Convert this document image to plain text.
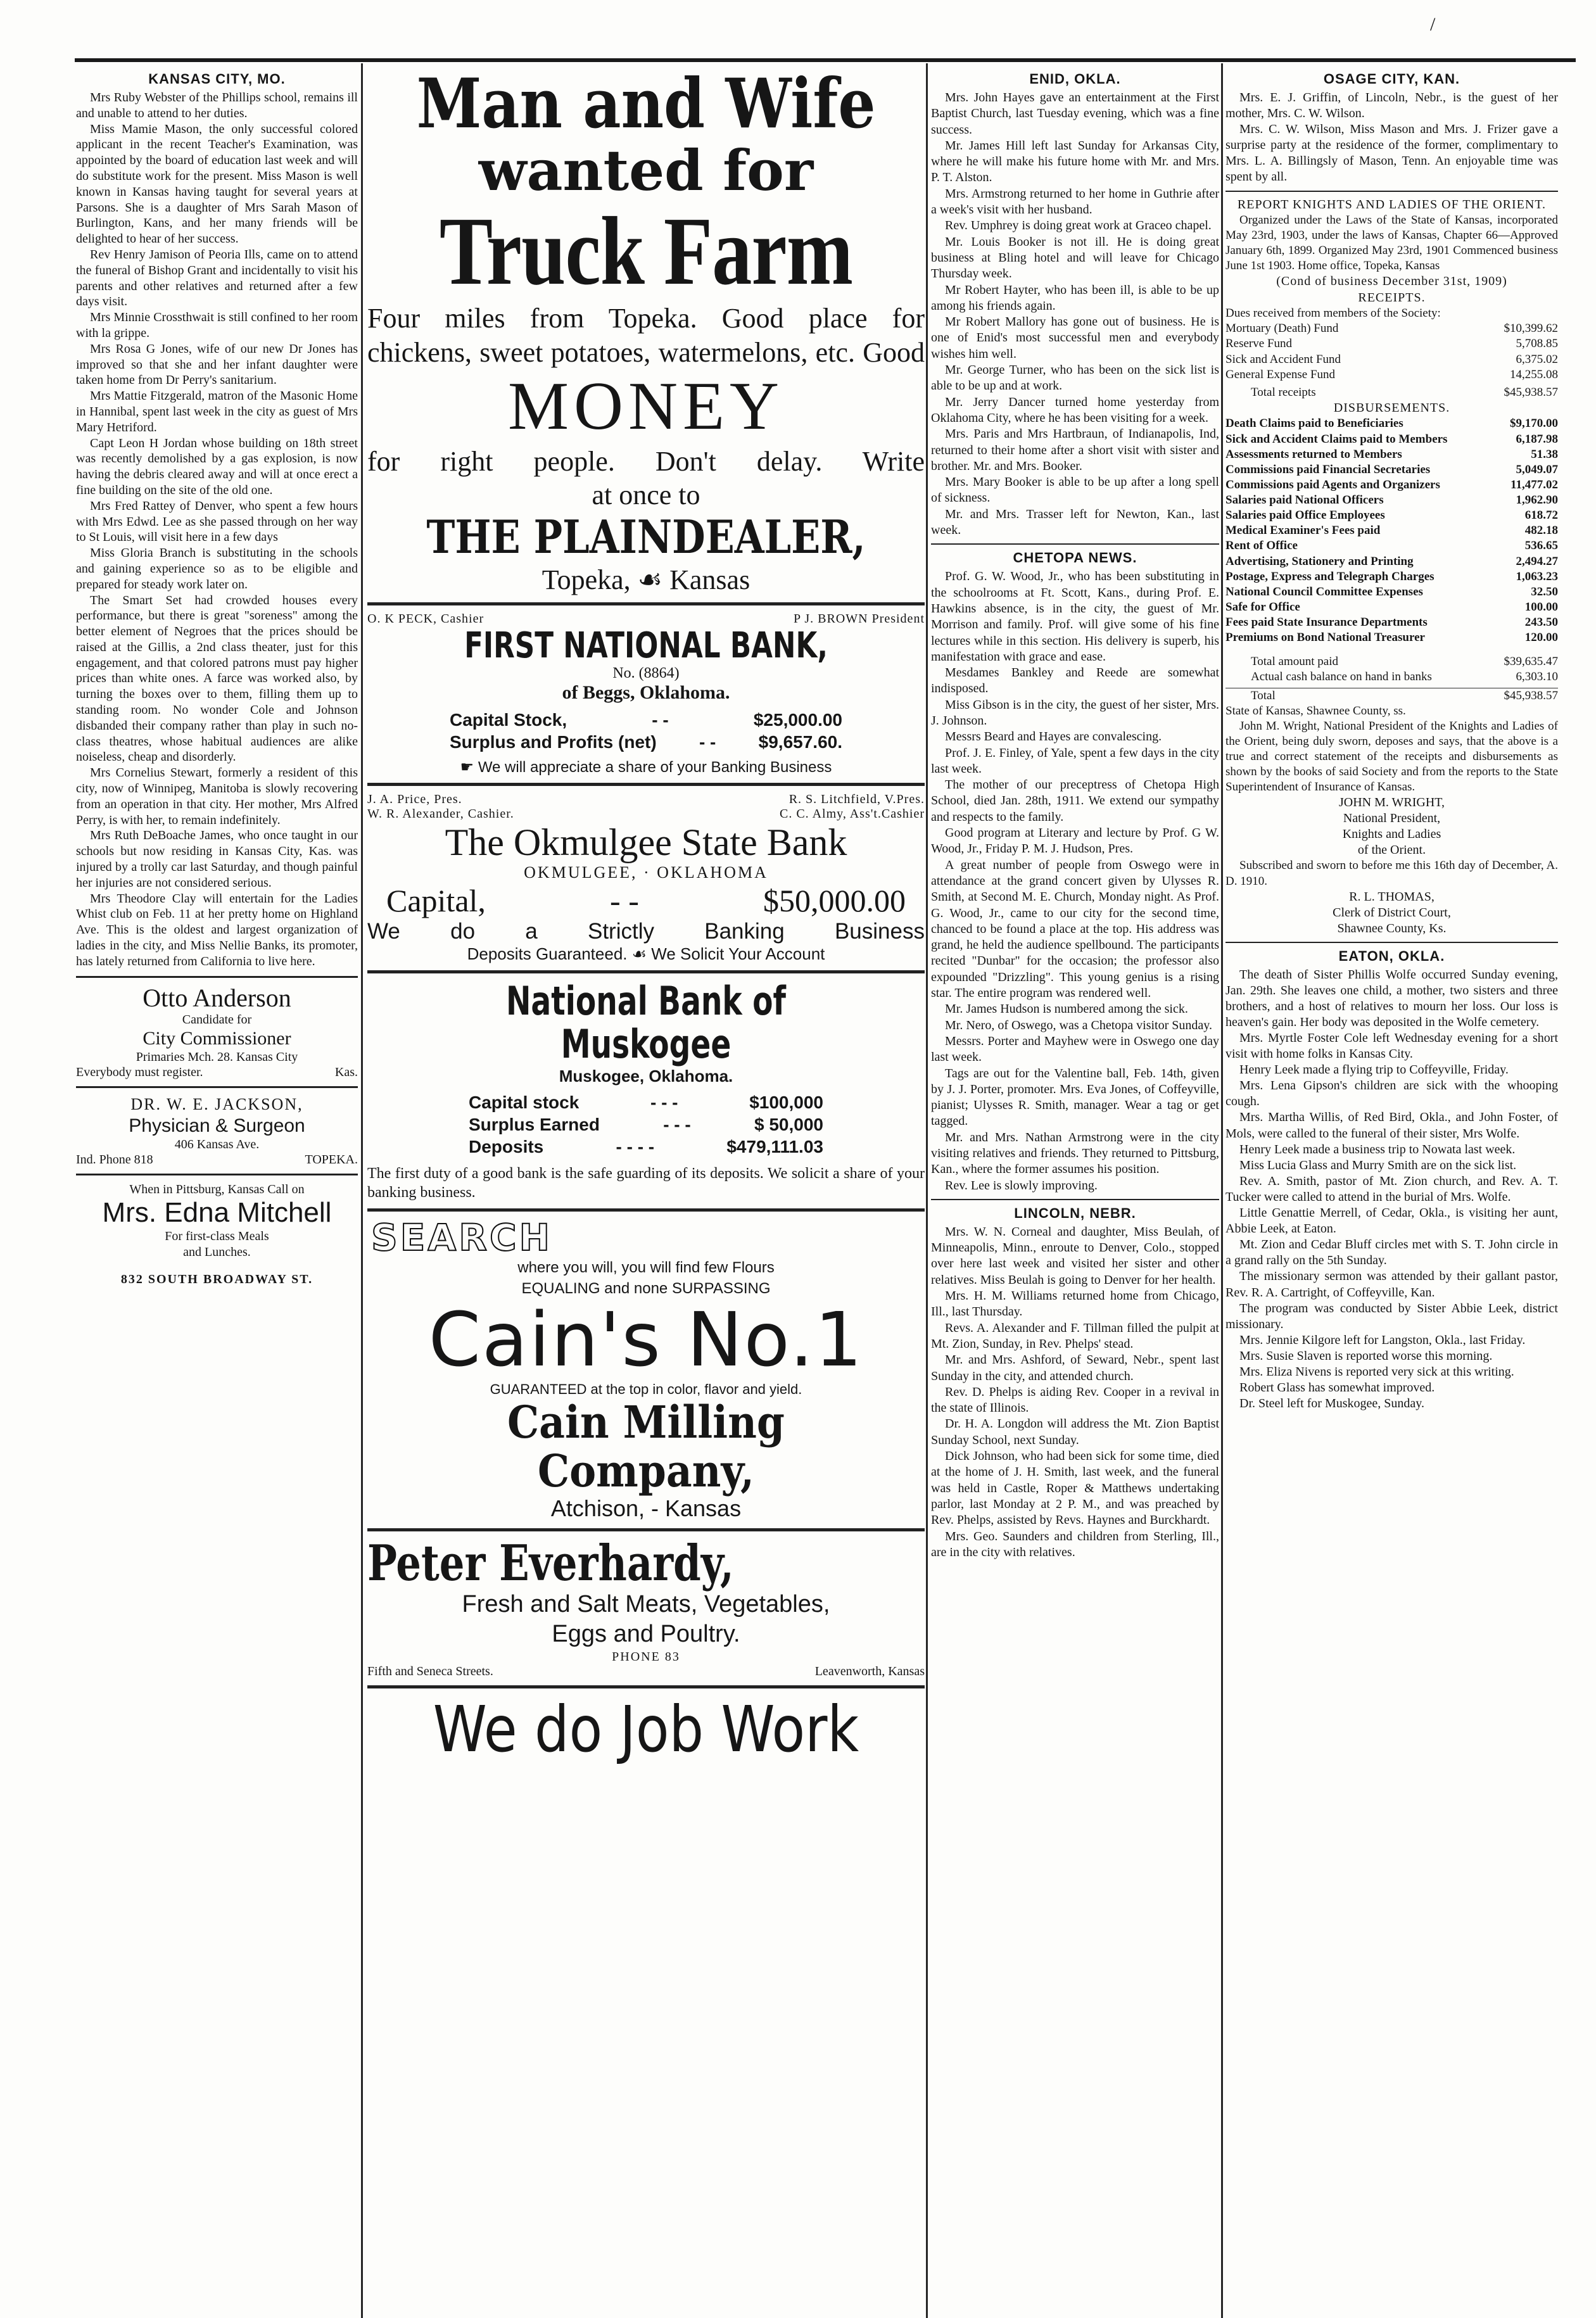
/
KANSAS CITY, MO.

Mrs Ruby Webster of the Phillips school, remains ill and unable to attend to her duties.

Miss Mamie Mason, the only successful colored applicant in the recent Teacher's Examination, was appointed by the board of education last week and will do substitute work for the present. Miss Mason is well known in Kansas having taught for several years at Parsons. She is a daughter of Mrs Sarah Mason of Burlington, Kans, and her many friends will be delighted to hear of her success.

Rev Henry Jamison of Peoria Ills, came on to attend the funeral of Bishop Grant and incidentally to visit his parents and other relatives and returned after a few days visit.

Mrs Minnie Crossthwait is still confined to her room with la grippe.

Mrs Rosa G Jones, wife of our new Dr Jones has improved so that she and her infant daughter were taken home from Dr Perry's sanitarium.

Mrs Mattie Fitzgerald, matron of the Masonic Home in Hannibal, spent last week in the city as guest of Mrs Mary Hetriford.

Capt Leon H Jordan whose building on 18th street was recently demolished by a gas explosion, is now having the debris cleared away and will at once erect a fine building on the site of the old one.

Mrs Fred Rattey of Denver, who spent a few hours with Mrs Edwd. Lee as she passed through on her way to St Louis, will visit here in a few days

Miss Gloria Branch is substituting in the schools and gaining experience so as to be eligible and prepared for steady work later on.

The Smart Set had crowded houses every performance, but there is great "soreness" among the better element of Negroes that the prices should be raised at the Gillis, a 2nd class theater, just for this engagement, and that colored patrons must pay higher prices than white ones. A farce was worked also, by turning the boxes over to them, filling them up to standing room. No wonder Cole and Johnson disbanded their company rather than play in such no-class theatres, whose habitual audiences are alike noiseless, cheap and disorderly.

Mrs Cornelius Stewart, formerly a resident of this city, now of Winnipeg, Manitoba is slowly recovering from an operation in that city. Her mother, Mrs Alfred Perry, is with her, to remain indefinitely.

Mrs Ruth DeBoache James, who once taught in our schools but now residing in Kansas City, Kas. was injured by a trolly car last Saturday, and though painful her injuries are not considered serious.

Mrs Theodore Clay will entertain for the Ladies Whist club on Feb. 11 at her pretty home on Highland Ave. This is the oldest and largest organization of ladies in the city, and Miss Nellie Banks, its promoter, has lately returned from California to live here.

Otto Anderson
Candidate for
City Commissioner
Primaries Mch. 28. Kansas City
Everybody must register.	Kas.
DR. W. E. JACKSON,
Physician & Surgeon
406 Kansas Ave.
Ind. Phone 818	TOPEKA.
When in Pittsburg, Kansas Call on
Mrs. Edna Mitchell
For first-class Meals
and Lunches.
832 SOUTH BROADWAY ST.
Man and Wife
wanted for
Truck Farm
Four miles from Topeka. Good place for chickens, sweet potatoes, watermelons, etc. Good
MONEY
for right people. Don't delay. Write
at once to
THE PLAINDEALER,
Topeka, ☙ Kansas
O. K PECK, Cashier	P J. BROWN President
FIRST NATIONAL BANK,
No. (8864)
of Beggs, Oklahoma.
Capital Stock,	- -	$25,000.00
Surplus and Profits (net) - - $9,657.60.
☛ We will appreciate a share of your Banking Business
J. A. Price, Pres.	R. S. Litchfield, V.Pres.
W. R. Alexander, Cashier.	C. C. Almy, Ass't.Cashier
The Okmulgee State Bank
OKMULGEE, · OKLAHOMA
Capital,	- -	$50,000.00
We do a Strictly Banking Business
Deposits Guaranteed. ☙ We Solicit Your Account
National Bank of Muskogee
Muskogee, Oklahoma.
Capital stock	- - -	$100,000
Surplus Earned	- - -	$ 50,000
Deposits	- - - -	$479,111.03
The first duty of a good bank is the safe guarding of its deposits. We solicit a share of your banking business.
SEARCH
where you will, you will find few Flours
EQUALING and none SURPASSING
Cain's No.1
GUARANTEED at the top in color, flavor and yield.
Cain Milling Company,
Atchison, - Kansas
Peter Everhardy,
Fresh and Salt Meats, Vegetables,
Eggs and Poultry.
PHONE 83
Fifth and Seneca Streets.	Leavenworth, Kansas
We do Job Work
ENID, OKLA.

Mrs. John Hayes gave an entertainment at the First Baptist Church, last Tuesday evening, which was a fine success.

Mr. James Hill left last Sunday for Arkansas City, where he will make his future home with Mr. and Mrs. P. T. Alston.

Mrs. Armstrong returned to her home in Guthrie after a week's visit with her husband.

Rev. Umphrey is doing great work at Graceo chapel.

Mr. Louis Booker is not ill. He is doing great business at Bling hotel and will leave for Chicago Thursday week.

Mr Robert Hayter, who has been ill, is able to be up among his friends again.

Mr Robert Mallory has gone out of business. He is one of Enid's most successful men and everybody wishes him well.

Mr. George Turner, who has been on the sick list is able to be up and at work.

Mr. Jerry Dancer turned home yesterday from Oklahoma City, where he has been visiting for a week.

Mrs. Paris and Mrs Hartbraun, of Indianapolis, Ind, returned to their home after a short visit with sister and brother. Mr. and Mrs. Booker.

Mrs. Mary Booker is able to be up after a long spell of sickness.

Mr. and Mrs. Trasser left for Newton, Kan., last week.

CHETOPA NEWS.

Prof. G. W. Wood, Jr., who has been substituting in the schoolrooms at Ft. Scott, Kans., during Prof. E. Hawkins absence, is in the city, the guest of Mr. Morrison and family. Prof. will give some of his fine lectures while in this section. His delivery is superb, his manifestation with grace and ease.

Mesdames Bankley and Reede are somewhat indisposed.

Miss Gibson is in the city, the guest of her sister, Mrs. J. Johnson.

Messrs Beard and Hayes are convalescing.

Prof. J. E. Finley, of Yale, spent a few days in the city last week.

The mother of our preceptress of Chetopa High School, died Jan. 28th, 1911. We extend our sympathy and respects to the family.

Good program at Literary and lecture by Prof. G W. Wood, Jr., Friday P. M. J. Hudson, Pres.

A great number of people from Oswego were in attendance at the grand concert given by Ulysses R. Smith, at Second M. E. Church, Monday night. As Prof. G. Wood, Jr., came to our city for the second time, chanced to be found a place at the top. His address was grand, he held the audience spellbound. The participants recited "Dunbar" for the occasion; the professor also expounded "Drizzling". This young genius is a rising star. The entire program was rendered well.

Mr. James Hudson is numbered among the sick.

Mr. Nero, of Oswego, was a Chetopa visitor Sunday.

Messrs. Porter and Mayhew were in Oswego one day last week.

Tags are out for the Valentine ball, Feb. 14th, given by J. J. Porter, promoter. Mrs. Eva Jones, of Coffeyville, pianist; Ulysses R. Smith, manager. Wear a tag or get tagged.

Mr. and Mrs. Nathan Armstrong were in the city visiting relatives and friends. They returned to Pittsburg, Kan., where the former assumes his position.

Rev. Lee is slowly improving.

LINCOLN, NEBR.

Mrs. W. N. Corneal and daughter, Miss Beulah, of Minneapolis, Minn., enroute to Denver, Colo., stopped over here last week and visited her sister and other relatives. Miss Beulah is going to Denver for her health.

Mrs. H. M. Williams returned home from Chicago, Ill., last Thursday.

Revs. A. Alexander and F. Tillman filled the pulpit at Mt. Zion, Sunday, in Rev. Phelps' stead.

Mr. and Mrs. Ashford, of Seward, Nebr., spent last Sunday in the city, and attended church.

Rev. D. Phelps is aiding Rev. Cooper in a revival in the state of Illinois.

Dr. H. A. Longdon will address the Mt. Zion Baptist Sunday School, next Sunday.

Dick Johnson, who had been sick for some time, died at the home of J. H. Smith, last week, and the funeral was held in Castle, Roper & Matthews undertaking parlor, last Monday at 2 P. M., and was preached by Rev. Phelps, assisted by Revs. Haynes and Burckhardt.

Mrs. Geo. Saunders and children from Sterling, Ill., are in the city with relatives.

OSAGE CITY, KAN.

Mrs. E. J. Griffin, of Lincoln, Nebr., is the guest of her mother, Mrs. C. W. Wilson.

Mrs. C. W. Wilson, Miss Mason and Mrs. J. Frizer gave a surprise party at the residence of the former, complimentary to Mrs. L. A. Billingsly of Mason, Tenn. An enjoyable time was spent by all.

REPORT KNIGHTS AND LADIES OF THE ORIENT.
Organized under the Laws of the State of Kansas, incorporated May 23rd, 1903, under the laws of Kansas, Chapter 66—Approved January 6th, 1899. Organized May 23rd, 1901 Commenced business June 1st 1903. Home office, Topeka, Kansas
(Cond of business December 31st, 1909)
RECEIPTS.
Dues received from members of the Society:
Mortuary (Death) Fund	$10,399.62
Reserve Fund	5,708.85
Sick and Accident Fund	6,375.02
General Expense Fund	14,255.08
Total receipts	$45,938.57
DISBURSEMENTS.
Death Claims paid to Beneficiaries	$9,170.00
Sick and Accident Claims paid to Members	6,187.98
Assessments returned to Members	51.38
Commissions paid Financial Secretaries	5,049.07
Commissions paid Agents and Organizers	11,477.02
Salaries paid National Officers	1,962.90
Salaries paid Office Employees	618.72
Medical Examiner's Fees paid	482.18
Rent of Office	536.65
Advertising, Stationery and Printing	2,494.27
Postage, Express and Telegraph Charges	1,063.23
National Council Committee Expenses	32.50
Safe for Office	100.00
Fees paid State Insurance Departments	243.50
Premiums on Bond National Treasurer	120.00
Total amount paid	$39,635.47
Actual cash balance on hand in banks	6,303.10
Total	$45,938.57
State of Kansas, Shawnee County, ss.
John M. Wright, National President of the Knights and Ladies of the Orient, being duly sworn, deposes and says, that the above is a true and correct statement of the receipts and disbursements as shown by the books of said Society and from the reports to the State Superintendent of Insurance of Kansas.
JOHN M. WRIGHT,
National President,
Knights and Ladies
of the Orient.
Subscribed and sworn to before me this 16th day of December, A. D. 1910.
R. L. THOMAS,
Clerk of District Court,
Shawnee County, Ks.
EATON, OKLA.

The death of Sister Phillis Wolfe occurred Sunday evening, Jan. 29th. She leaves one child, a mother, two sisters and three brothers, and a host of relatives to mourn her loss. Our loss is heaven's gain. Her body was deposited in the Wolfe cemetery.

Mrs. Myrtle Foster Cole left Wednesday evening for a short visit with home folks in Kansas City.

Henry Leek made a flying trip to Coffeyville, Friday.

Mrs. Lena Gipson's children are sick with the whooping cough.

Mrs. Martha Willis, of Red Bird, Okla., and John Foster, of Mols, were called to the funeral of their sister, Mrs Wolfe.

Henry Leek made a business trip to Nowata last week.

Miss Lucia Glass and Murry Smith are on the sick list.

Rev. A. Smith, pastor of Mt. Zion church, and Rev. A. T. Tucker were called to attend in the burial of Mrs. Wolfe.

Little Genattie Merrell, of Cedar, Okla., is visiting her aunt, Abbie Leek, at Eaton.

Mt. Zion and Cedar Bluff circles met with S. T. John circle in a grand rally on the 5th Sunday.

The missionary sermon was attended by their gallant pastor, Rev. R. A. Cartright, of Coffeyville, Kan.

The program was conducted by Sister Abbie Leek, district missionary.

Mrs. Jennie Kilgore left for Langston, Okla., last Friday.

Mrs. Susie Slaven is reported worse this morning.

Mrs. Eliza Nivens is reported very sick at this writing.

Robert Glass has somewhat improved.

Dr. Steel left for Muskogee, Sunday.
